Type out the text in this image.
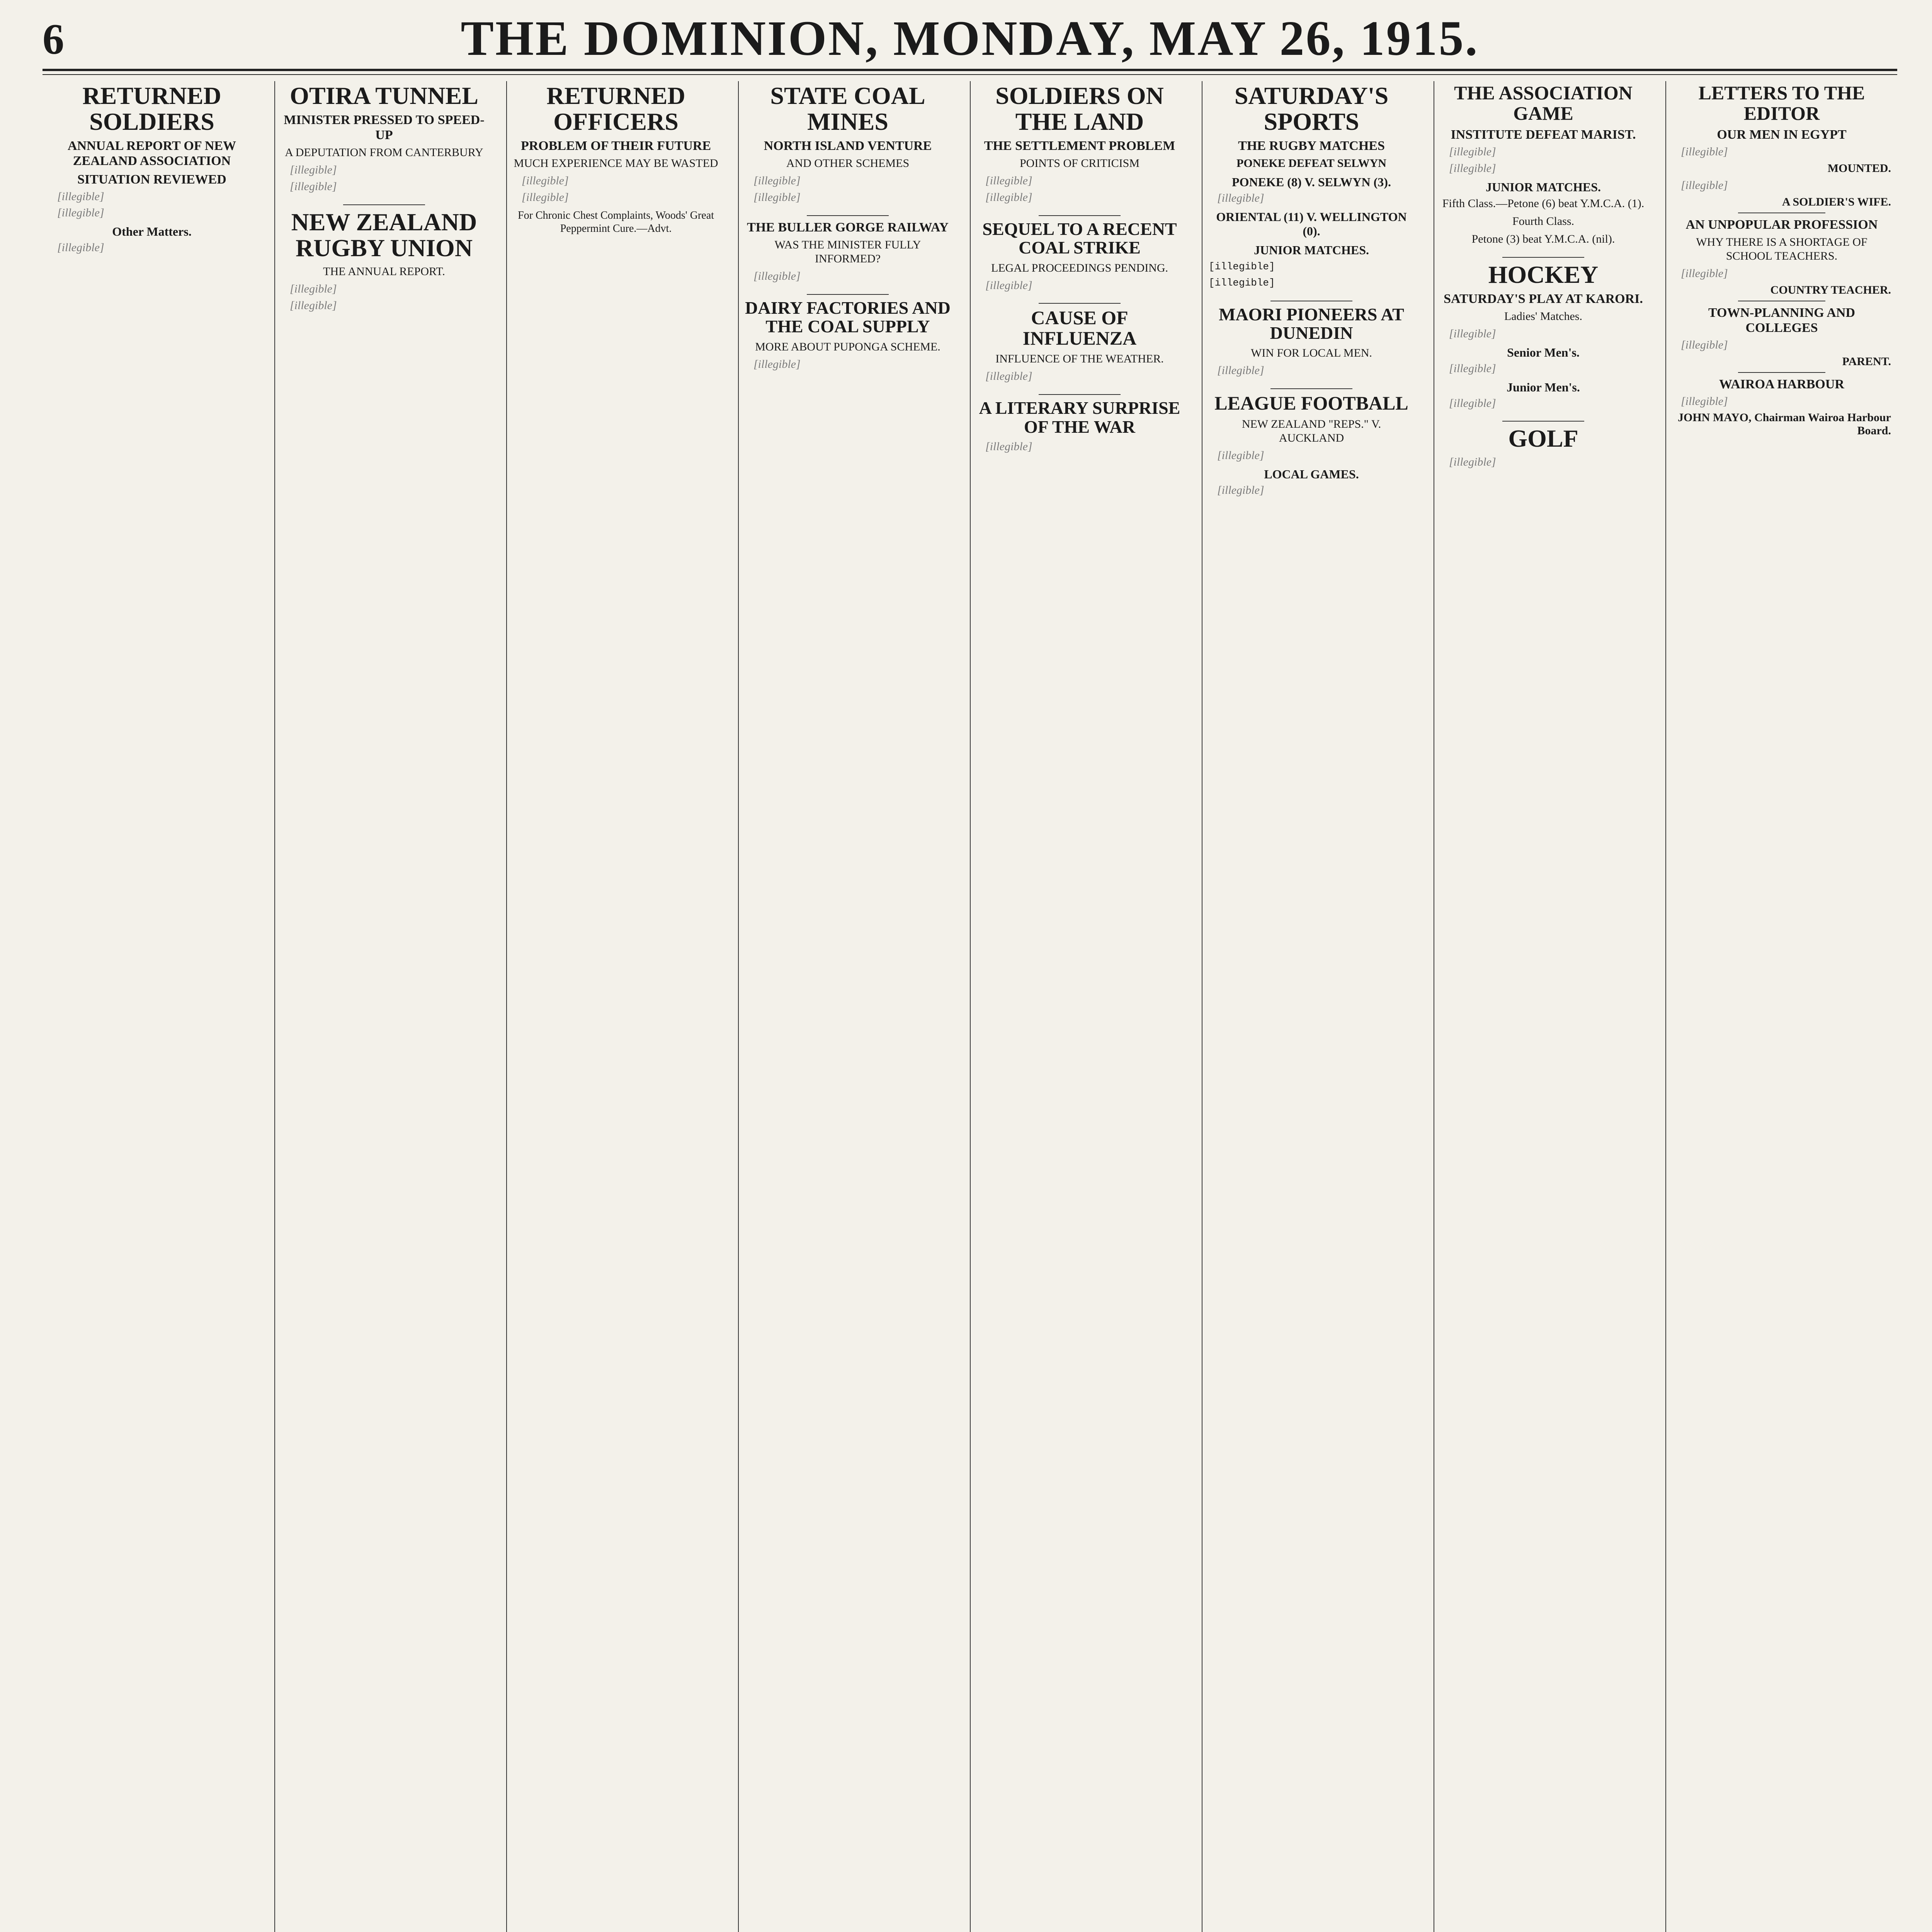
6	THE DOMINION, MONDAY, MAY 26, 1915.
RETURNED SOLDIERS
ANNUAL REPORT OF NEW ZEALAND ASSOCIATION
SITUATION REVIEWED

[illegible]

[illegible]

Other Matters.

[illegible]

OTIRA TUNNEL
MINISTER PRESSED TO SPEED-UP
A DEPUTATION FROM CANTERBURY

[illegible]

[illegible]

NEW ZEALAND RUGBY UNION
THE ANNUAL REPORT.

[illegible]

[illegible]

RETURNED OFFICERS
PROBLEM OF THEIR FUTURE
MUCH EXPERIENCE MAY BE WASTED

[illegible]

[illegible]

For Chronic Chest Complaints, Woods' Great Peppermint Cure.—Advt.
STATE COAL MINES
NORTH ISLAND VENTURE
AND OTHER SCHEMES

[illegible]

[illegible]

THE BULLER GORGE RAILWAY
WAS THE MINISTER FULLY INFORMED?

[illegible]

DAIRY FACTORIES AND THE COAL SUPPLY
MORE ABOUT PUPONGA SCHEME.

[illegible]

SOLDIERS ON THE LAND
THE SETTLEMENT PROBLEM
POINTS OF CRITICISM

[illegible]

[illegible]

SEQUEL TO A RECENT COAL STRIKE
LEGAL PROCEEDINGS PENDING.

[illegible]

CAUSE OF INFLUENZA
INFLUENCE OF THE WEATHER.

[illegible]

A LITERARY SURPRISE OF THE WAR

[illegible]

SATURDAY'S SPORTS
THE RUGBY MATCHES
PONEKE DEFEAT SELWYN
PONEKE (8) V. SELWYN (3).

[illegible]

ORIENTAL (11) V. WELLINGTON (0).
JUNIOR MATCHES.
[illegible]
[illegible]
MAORI PIONEERS AT DUNEDIN
WIN FOR LOCAL MEN.

[illegible]

LEAGUE FOOTBALL
NEW ZEALAND "REPS." V. AUCKLAND

[illegible]

LOCAL GAMES.

[illegible]

THE ASSOCIATION GAME
INSTITUTE DEFEAT MARIST.

[illegible]

[illegible]

JUNIOR MATCHES.
Fifth Class.—Petone (6) beat Y.M.C.A. (1).
Fourth Class.
Petone (3) beat Y.M.C.A. (nil).
HOCKEY
SATURDAY'S PLAY AT KARORI.
Ladies' Matches.

[illegible]

Senior Men's.

[illegible]

Junior Men's.

[illegible]

GOLF

[illegible]

LETTERS TO THE EDITOR
OUR MEN IN EGYPT

[illegible]

MOUNTED.

[illegible]

A SOLDIER'S WIFE.
AN UNPOPULAR PROFESSION
WHY THERE IS A SHORTAGE OF SCHOOL TEACHERS.

[illegible]

COUNTRY TEACHER.
TOWN-PLANNING AND COLLEGES

[illegible]

PARENT.
WAIROA HARBOUR

[illegible]

JOHN MAYO, Chairman Wairoa Harbour Board.
